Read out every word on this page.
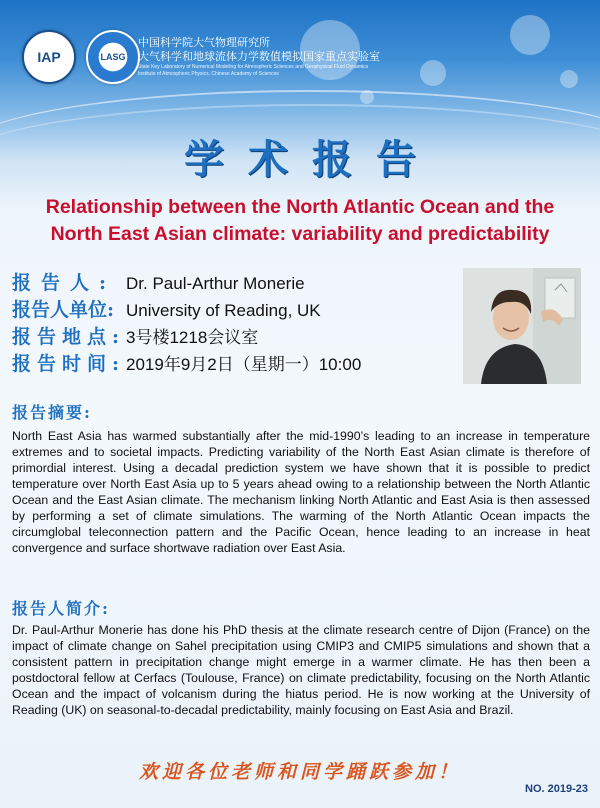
IAP	LASG
中国科学院大气物理研究所
大气科学和地球流体力学数值模拟国家重点实验室
State Key Laboratory of Numerical Modeling for Atmospheric Sciences and Geophysical Fluid Dynamics
Institute of Atmospheric Physics, Chinese Academy of Sciences
学术报告
Relationship between the North Atlantic Ocean and the
North East Asian climate: variability and predictability
报告人: Dr. Paul-Arthur Monerie
报告人单位: University of Reading, UK
报告地点: 3号楼1218会议室
报告时间: 2019年9月2日（星期一）10:00
报告摘要:
North East Asia has warmed substantially after the mid-1990’s leading to an increase in temperature extremes and to societal impacts. Predicting variability of the North East Asian climate is therefore of primordial interest. Using a decadal prediction system we have shown that it is possible to predict temperature over North East Asia up to 5 years ahead owing to a relationship between the North Atlantic Ocean and the East Asian climate. The mechanism linking North Atlantic and East Asia is then assessed by performing a set of climate simulations. The warming of the North Atlantic Ocean impacts the circumglobal teleconnection pattern and the Pacific Ocean, hence leading to an increase in heat convergence and surface shortwave radiation over East Asia.
报告人简介:
Dr. Paul-Arthur Monerie has done his PhD thesis at the climate research centre of Dijon (France) on the impact of climate change on Sahel precipitation using CMIP3 and CMIP5 simulations and shown that a consistent pattern in precipitation change might emerge in a warmer climate. He has then been a postdoctoral fellow at Cerfacs (Toulouse, France) on climate predictability, focusing on the North Atlantic Ocean and the impact of volcanism during the hiatus period. He is now working at the University of Reading (UK) on seasonal-to-decadal predictability, mainly focusing on East Asia and Brazil.
欢迎各位老师和同学踊跃参加！
NO. 2019-23
